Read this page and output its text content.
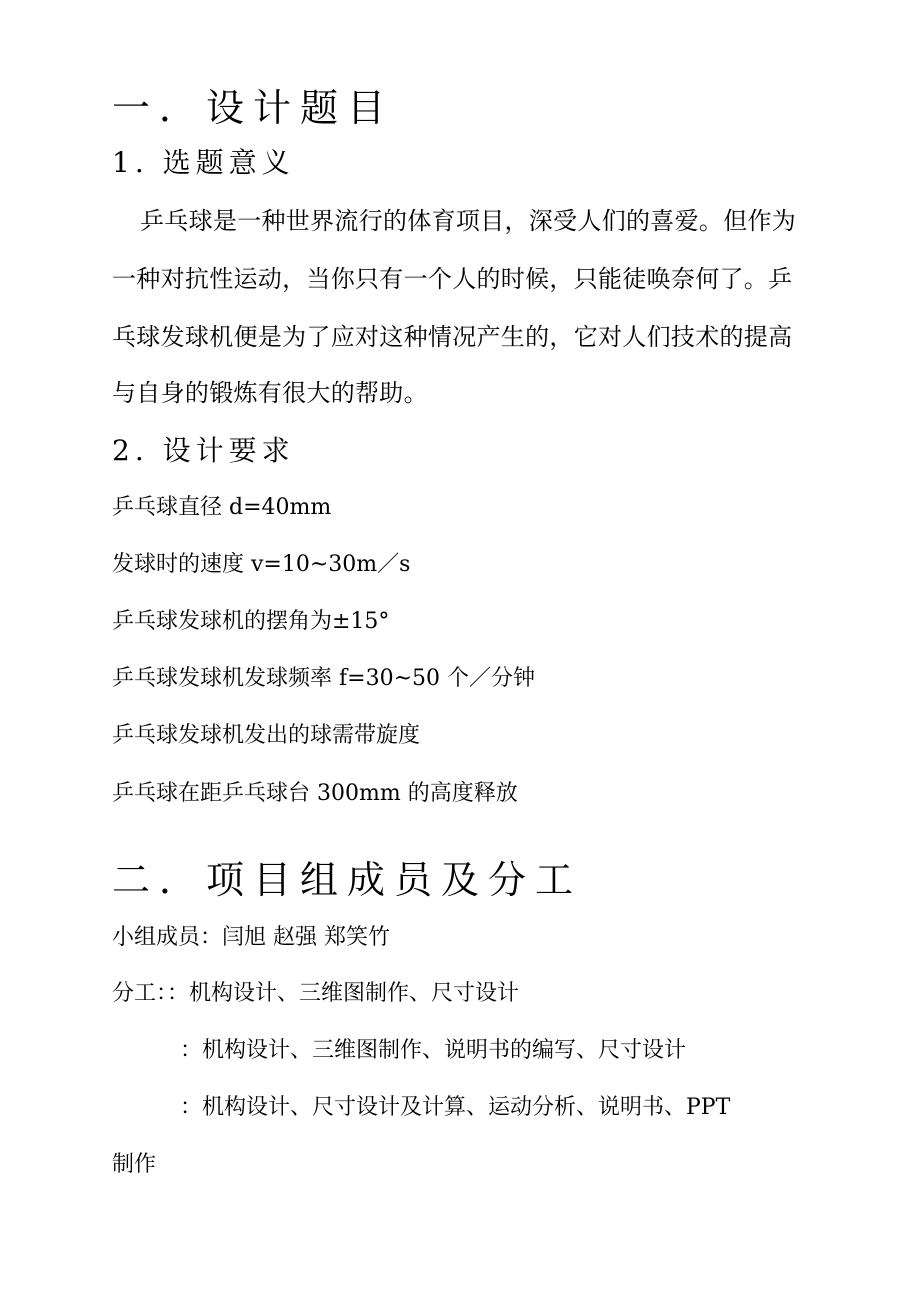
一．设计题目
1. 选题意义
乒乓球是一种世界流行的体育项目，深受人们的喜爱。但作为
一种对抗性运动，当你只有一个人的时候，只能徒唤奈何了。乒
乓球发球机便是为了应对这种情况产生的，它对人们技术的提高
与自身的锻炼有很大的帮助。
2. 设计要求
乒乓球直径 d=40mm
发球时的速度 v=10~30m／s
乒乓球发球机的摆角为±15°
乒乓球发球机发球频率 f=30~50 个／分钟
乒乓球发球机发出的球需带旋度
乒乓球在距乒乓球台 300mm 的高度释放
二．项目组成员及分工
小组成员：闫旭 赵强 郑笑竹
分工：：机构设计、三维图制作、尺寸设计
：机构设计、三维图制作、说明书的编写、尺寸设计
：机构设计、尺寸设计及计算、运动分析、说明书、PPT
制作
